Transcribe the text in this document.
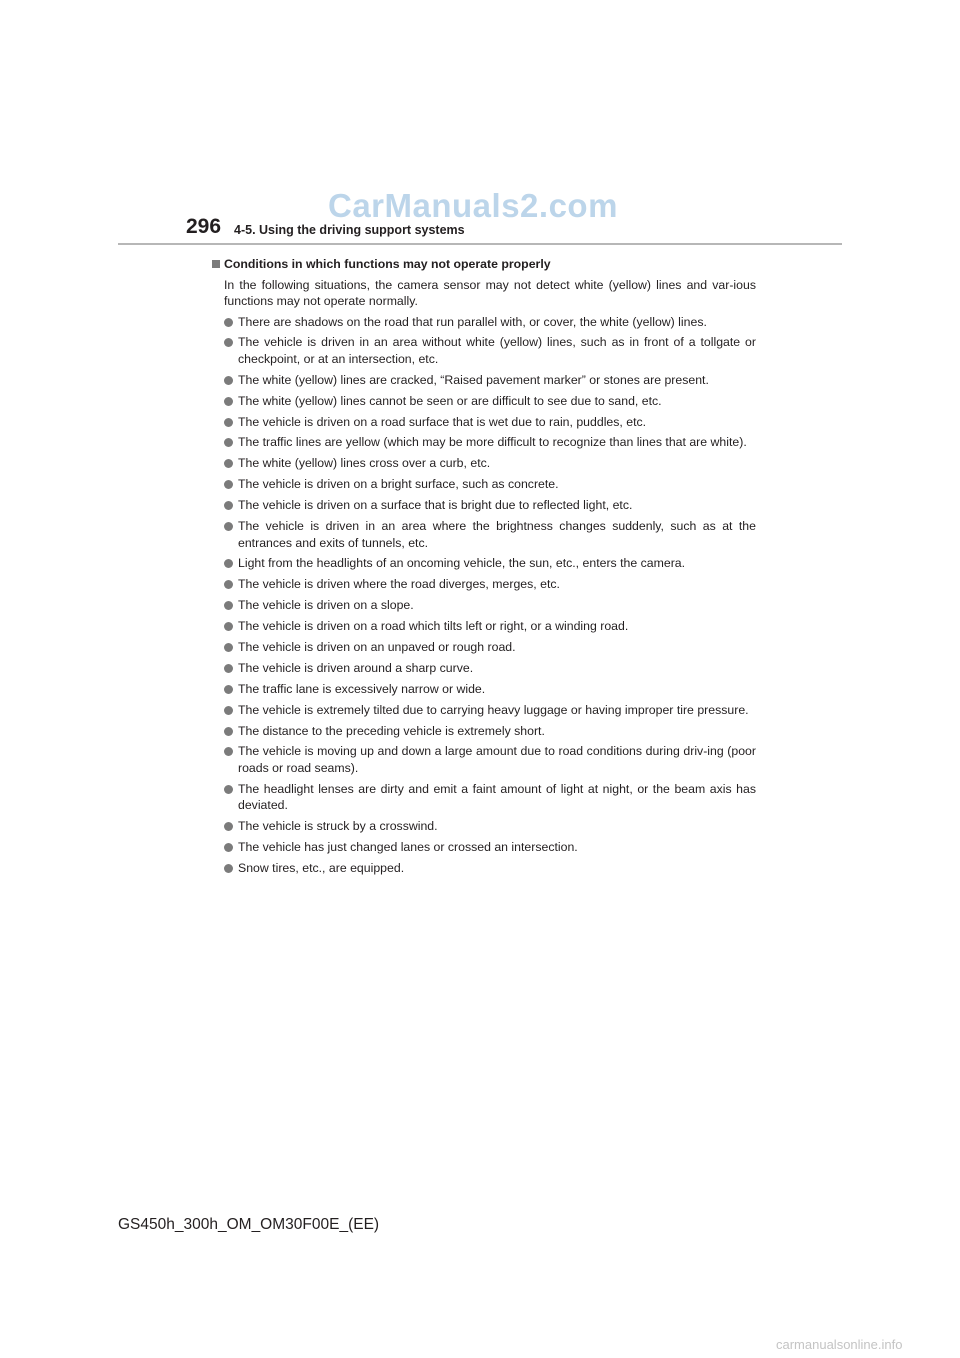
CarManuals2.com
296 4-5. Using the driving support systems
Conditions in which functions may not operate properly
In the following situations, the camera sensor may not detect white (yellow) lines and var-ious functions may not operate normally.
There are shadows on the road that run parallel with, or cover, the white (yellow) lines.
The vehicle is driven in an area without white (yellow) lines, such as in front of a tollgate or checkpoint, or at an intersection, etc.
The white (yellow) lines are cracked, “Raised pavement marker” or stones are present.
The white (yellow) lines cannot be seen or are difficult to see due to sand, etc.
The vehicle is driven on a road surface that is wet due to rain, puddles, etc.
The traffic lines are yellow (which may be more difficult to recognize than lines that are white).
The white (yellow) lines cross over a curb, etc.
The vehicle is driven on a bright surface, such as concrete.
The vehicle is driven on a surface that is bright due to reflected light, etc.
The vehicle is driven in an area where the brightness changes suddenly, such as at the entrances and exits of tunnels, etc.
Light from the headlights of an oncoming vehicle, the sun, etc., enters the camera.
The vehicle is driven where the road diverges, merges, etc.
The vehicle is driven on a slope.
The vehicle is driven on a road which tilts left or right, or a winding road.
The vehicle is driven on an unpaved or rough road.
The vehicle is driven around a sharp curve.
The traffic lane is excessively narrow or wide.
The vehicle is extremely tilted due to carrying heavy luggage or having improper tire pressure.
The distance to the preceding vehicle is extremely short.
The vehicle is moving up and down a large amount due to road conditions during driv-ing (poor roads or road seams).
The headlight lenses are dirty and emit a faint amount of light at night, or the beam axis has deviated.
The vehicle is struck by a crosswind.
The vehicle has just changed lanes or crossed an intersection.
Snow tires, etc., are equipped.
GS450h_300h_OM_OM30F00E_(EE)
carmanualsonline.info
